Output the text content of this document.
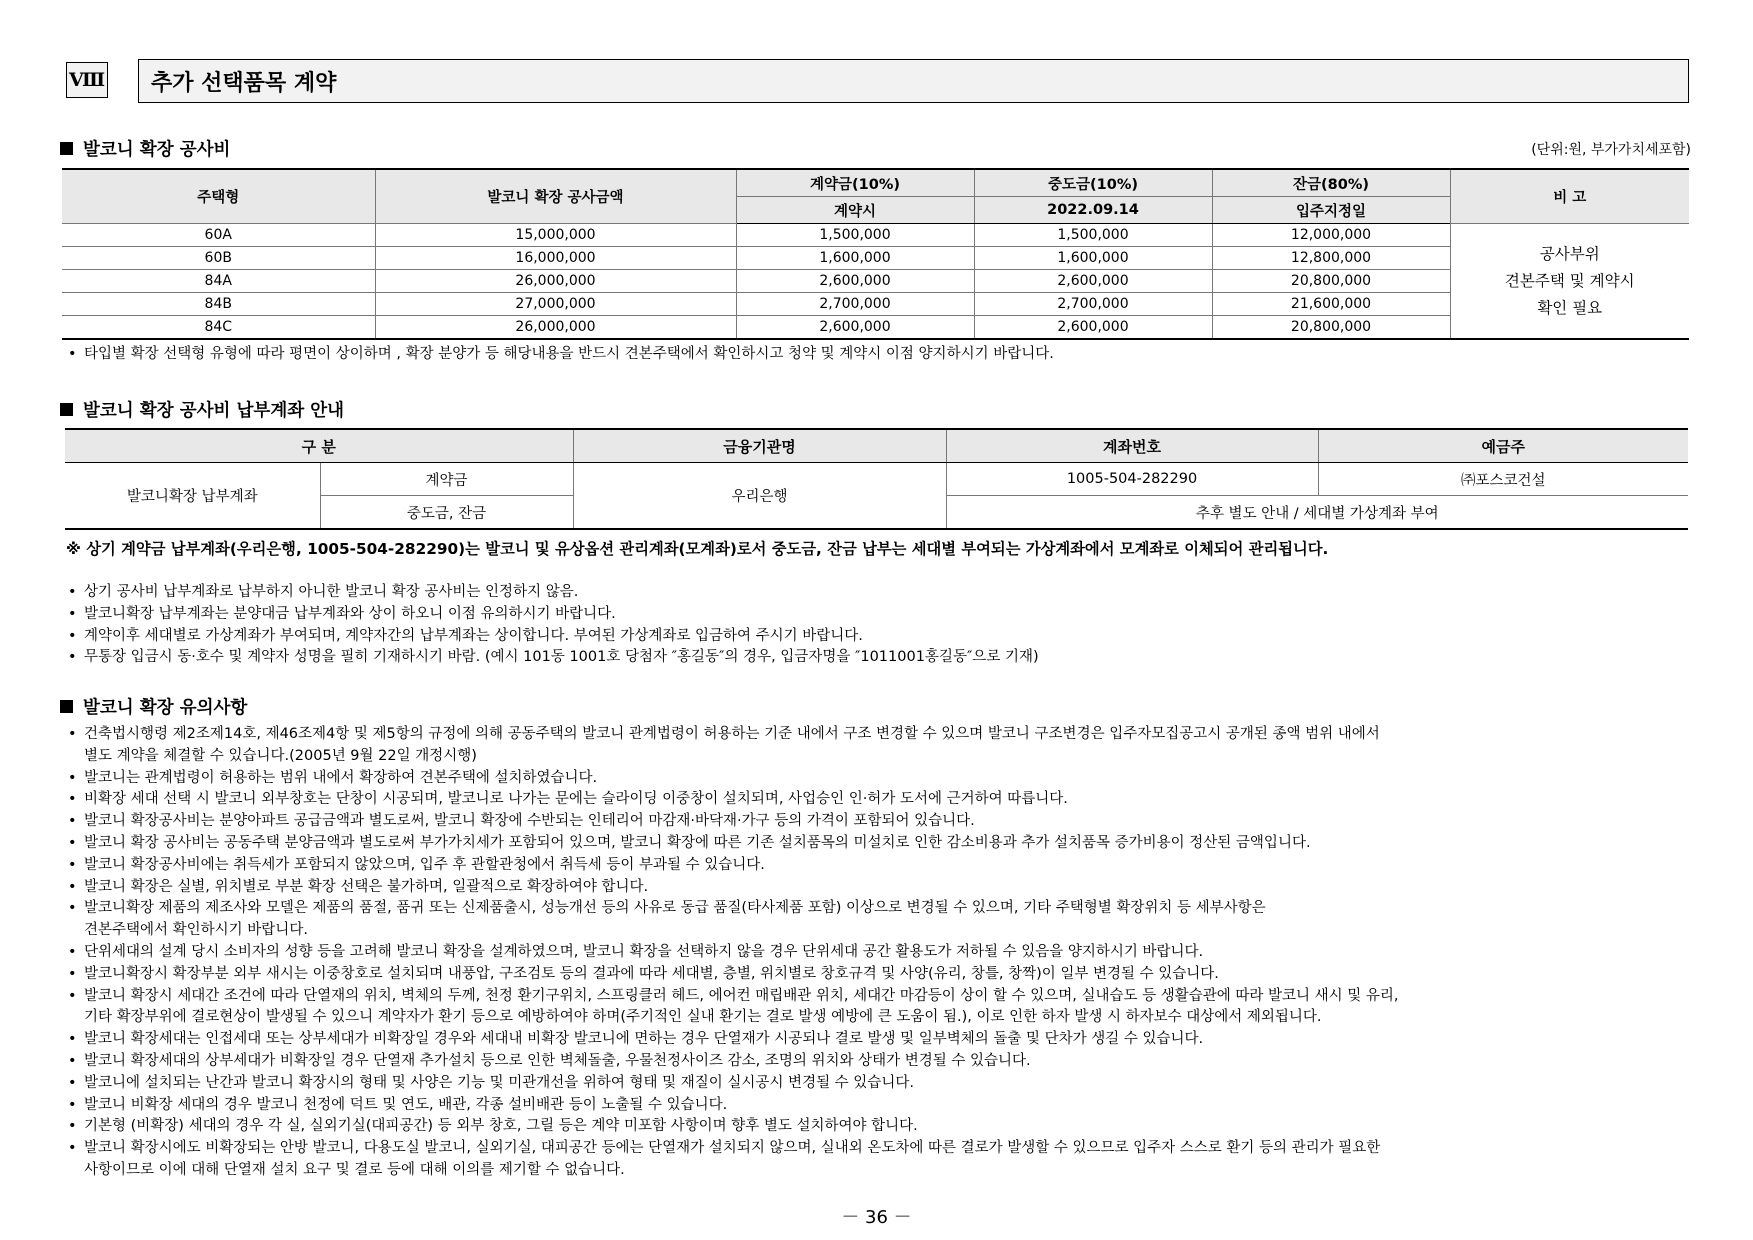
Ⅷ	추가 선택품목 계약
발코니 확장 공사비	(단위:원, 부가가치세포함)
주택형	발코니 확장 공사금액	계약금(10%)	중도금(10%)	잔금(80%)	비 고
		계약시	2022.09.14	입주지정일	
60A	15,000,000	1,500,000	1,500,000	12,000,000	공사부위
견본주택 및 계약시
확인 필요

60B	16,000,000	1,600,000	1,600,000	12,800,000	
84A	26,000,000	2,600,000	2,600,000	20,800,000	
84B	27,000,000	2,700,000	2,700,000	21,600,000	
84C	26,000,000	2,600,000	2,600,000	20,800,000	
• 타입별 확장 선택형 유형에 따라 평면이 상이하며 , 확장 분양가 등 해당내용을 반드시 견본주택에서 확인하시고 청약 및 계약시 이점 양지하시기 바랍니다.
발코니 확장 공사비 납부계좌 안내
구 분		금융기관명	계좌번호	예금주
발코니확장 납부계좌	계약금	우리은행	1005-504-282290	㈜포스코건설
	중도금, 잔금		추후 별도 안내 / 세대별 가상계좌 부여	
※ 상기 계약금 납부계좌(우리은행, 1005-504-282290)는 발코니 및 유상옵션 관리계좌(모계좌)로서 중도금, 잔금 납부는 세대별 부여되는 가상계좌에서 모계좌로 이체되어 관리됩니다.
• 상기 공사비 납부계좌로 납부하지 아니한 발코니 확장 공사비는 인정하지 않음.
• 발코니확장 납부계좌는 분양대금 납부계좌와 상이 하오니 이점 유의하시기 바랍니다.
• 계약이후 세대별로 가상계좌가 부여되며, 계약자간의 납부계좌는 상이합니다. 부여된 가상계좌로 입금하여 주시기 바랍니다.
• 무통장 입금시 동·호수 및 계약자 성명을 필히 기재하시기 바람. (예시 101동 1001호 당첨자 ″홍길동″의 경우, 입금자명을 ″1011001홍길동″으로 기재)
발코니 확장 유의사항
• 건축법시행령 제2조제14호, 제46조제4항 및 제5항의 규정에 의해 공동주택의 발코니 관계법령이 허용하는 기준 내에서 구조 변경할 수 있으며 발코니 구조변경은 입주자모집공고시 공개된 종액 범위 내에서
별도 계약을 체결할 수 있습니다.(2005년 9월 22일 개정시행)
• 발코니는 관계법령이 허용하는 범위 내에서 확장하여 견본주택에 설치하였습니다.
• 비확장 세대 선택 시 발코니 외부창호는 단창이 시공되며, 발코니로 나가는 문에는 슬라이딩 이중창이 설치되며, 사업승인 인·허가 도서에 근거하여 따릅니다.
• 발코니 확장공사비는 분양아파트 공급금액과 별도로써, 발코니 확장에 수반되는 인테리어 마감재·바닥재·가구 등의 가격이 포함되어 있습니다.
• 발코니 확장 공사비는 공동주택 분양금액과 별도로써 부가가치세가 포함되어 있으며, 발코니 확장에 따른 기존 설치품목의 미설치로 인한 감소비용과 추가 설치품목 증가비용이 정산된 금액입니다.
• 발코니 확장공사비에는 취득세가 포함되지 않았으며, 입주 후 관할관청에서 취득세 등이 부과될 수 있습니다.
• 발코니 확장은 실별, 위치별로 부분 확장 선택은 불가하며, 일괄적으로 확장하여야 합니다.
• 발코니확장 제품의 제조사와 모델은 제품의 품절, 품귀 또는 신제품출시, 성능개선 등의 사유로 동급 품질(타사제품 포함) 이상으로 변경될 수 있으며, 기타 주택형별 확장위치 등 세부사항은
견본주택에서 확인하시기 바랍니다.
• 단위세대의 설계 당시 소비자의 성향 등을 고려해 발코니 확장을 설계하였으며, 발코니 확장을 선택하지 않을 경우 단위세대 공간 활용도가 저하될 수 있음을 양지하시기 바랍니다.
• 발코니확장시 확장부분 외부 새시는 이중창호로 설치되며 내풍압, 구조검토 등의 결과에 따라 세대별, 층별, 위치별로 창호규격 및 사양(유리, 창틀, 창짝)이 일부 변경될 수 있습니다.
• 발코니 확장시 세대간 조건에 따라 단열재의 위치, 벽체의 두께, 천정 환기구위치, 스프링클러 헤드, 에어컨 매립배관 위치, 세대간 마감등이 상이 할 수 있으며, 실내습도 등 생활습관에 따라 발코니 새시 및 유리,
기타 확장부위에 결로현상이 발생될 수 있으니 계약자가 환기 등으로 예방하여야 하며(주기적인 실내 환기는 결로 발생 예방에 큰 도움이 됨.), 이로 인한 하자 발생 시 하자보수 대상에서 제외됩니다.
• 발코니 확장세대는 인접세대 또는 상부세대가 비확장일 경우와 세대내 비확장 발코니에 면하는 경우 단열재가 시공되나 결로 발생 및 일부벽체의 돌출 및 단차가 생길 수 있습니다.
• 발코니 확장세대의 상부세대가 비확장일 경우 단열재 추가설치 등으로 인한 벽체돌출, 우물천정사이즈 감소, 조명의 위치와 상태가 변경될 수 있습니다.
• 발코니에 설치되는 난간과 발코니 확장시의 형태 및 사양은 기능 및 미관개선을 위하여 형태 및 재질이 실시공시 변경될 수 있습니다.
• 발코니 비확장 세대의 경우 발코니 천정에 덕트 및 연도, 배관, 각종 설비배관 등이 노출될 수 있습니다.
• 기본형 (비확장) 세대의 경우 각 실, 실외기실(대피공간) 등 외부 창호, 그릴 등은 계약 미포함 사항이며 향후 별도 설치하여야 합니다.
• 발코니 확장시에도 비확장되는 안방 발코니, 다용도실 발코니, 실외기실, 대피공간 등에는 단열재가 설치되지 않으며, 실내외 온도차에 따른 결로가 발생할 수 있으므로 입주자 스스로 환기 등의 관리가 필요한
사항이므로 이에 대해 단열재 설치 요구 및 결로 등에 대해 이의를 제기할 수 없습니다.
－ 36 －
